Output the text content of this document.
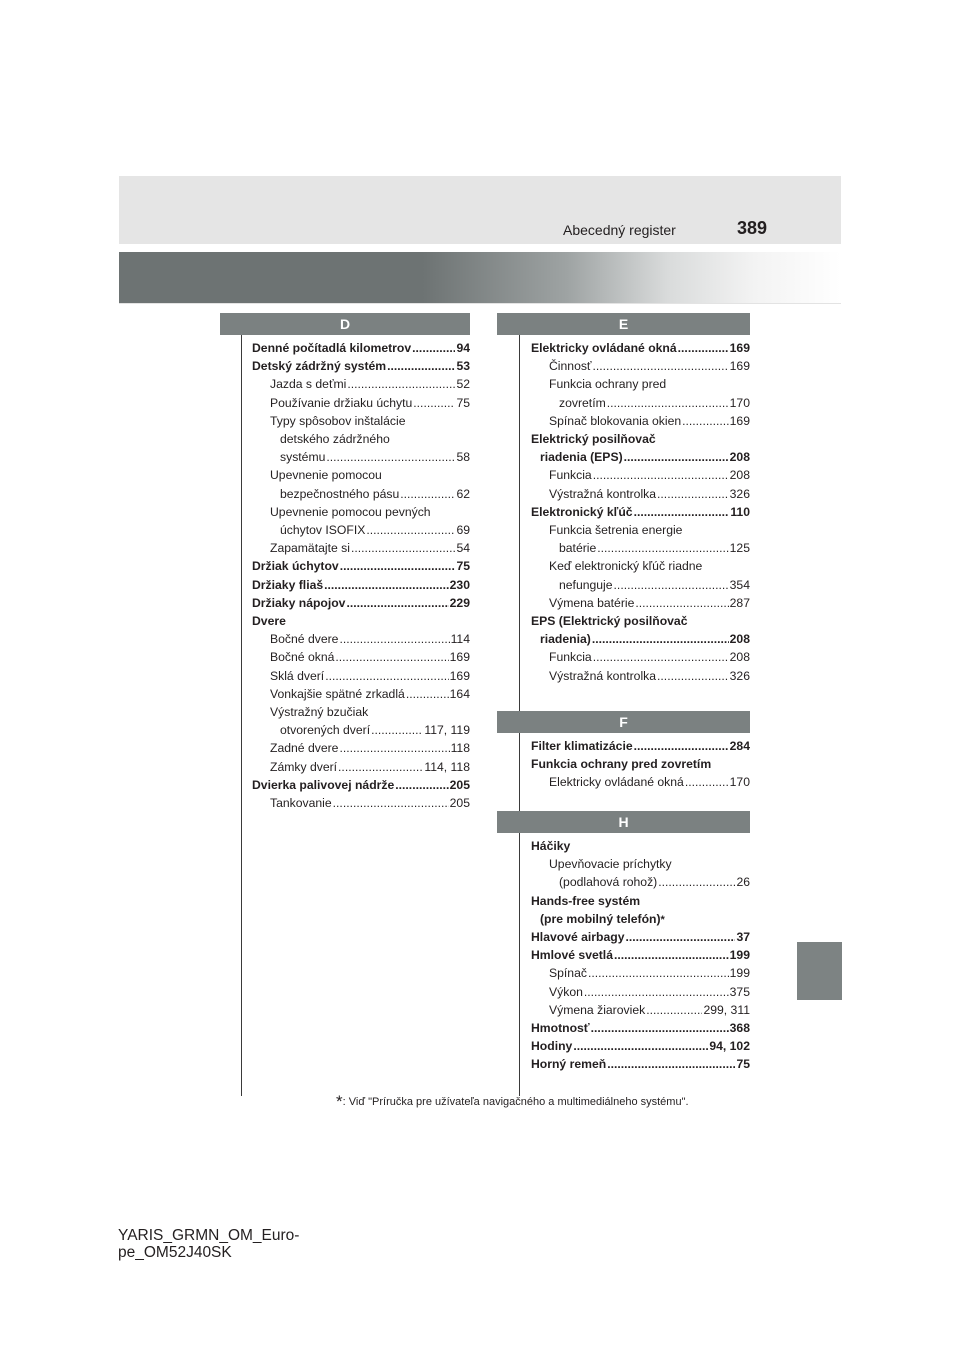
Abecedný register	389
D
Denné počítadlá kilometrov .....	94
Detský zádržný systém .....	53
Jazda s deťmi .....	52
Používanie držiaku úchytu .....	75
Typy spôsobov inštalácie
detského zádržného
systému .....	58
Upevnenie pomocou
bezpečnostného pásu .....	62
Upevnenie pomocou pevných
úchytov ISOFIX .....	69
Zapamätajte si .....	54
Držiak úchytov .....	75
Držiaky fliaš .....	230
Držiaky nápojov .....	229
Dvere
Bočné dvere .....	114
Bočné okná .....	169
Sklá dverí .....	169
Vonkajšie spätné zrkadlá .....	164
Výstražný bzučiak
otvorených dverí .....	117, 119
Zadné dvere .....	118
Zámky dverí .....	114, 118
Dvierka palivovej nádrže .....	205
Tankovanie .....	205
E
Elektricky ovládané okná .....	169
Činnosť .....	169
Funkcia ochrany pred
zovretím .....	170
Spínač blokovania okien .....	169
Elektrický posilňovač
riadenia (EPS) .....	208
Funkcia .....	208
Výstražná kontrolka .....	326
Elektronický kľúč .....	110
Funkcia šetrenia energie
batérie .....	125
Keď elektronický kľúč riadne
nefunguje .....	354
Výmena batérie .....	287
EPS (Elektrický posilňovač
riadenia) .....	208
Funkcia .....	208
Výstražná kontrolka .....	326
F
Filter klimatizácie .....	284
Funkcia ochrany pred zovretím
Elektricky ovládané okná .....	170
H
Háčiky
Upevňovacie príchytky
(podlahová rohož) .....	26
Hands-free systém
(pre mobilný telefón) *
Hlavové airbagy .....	37
Hmlové svetlá .....	199
Spínač .....	199
Výkon .....	375
Výmena žiaroviek .....	299, 311
Hmotnosť .....	368
Hodiny .....	94, 102
Horný remeň .....	75
*: Viď "Príručka pre užívateľa navigačného a multimediálneho systému".
YARIS_GRMN_OM_Euro-
pe_OM52J40SK
